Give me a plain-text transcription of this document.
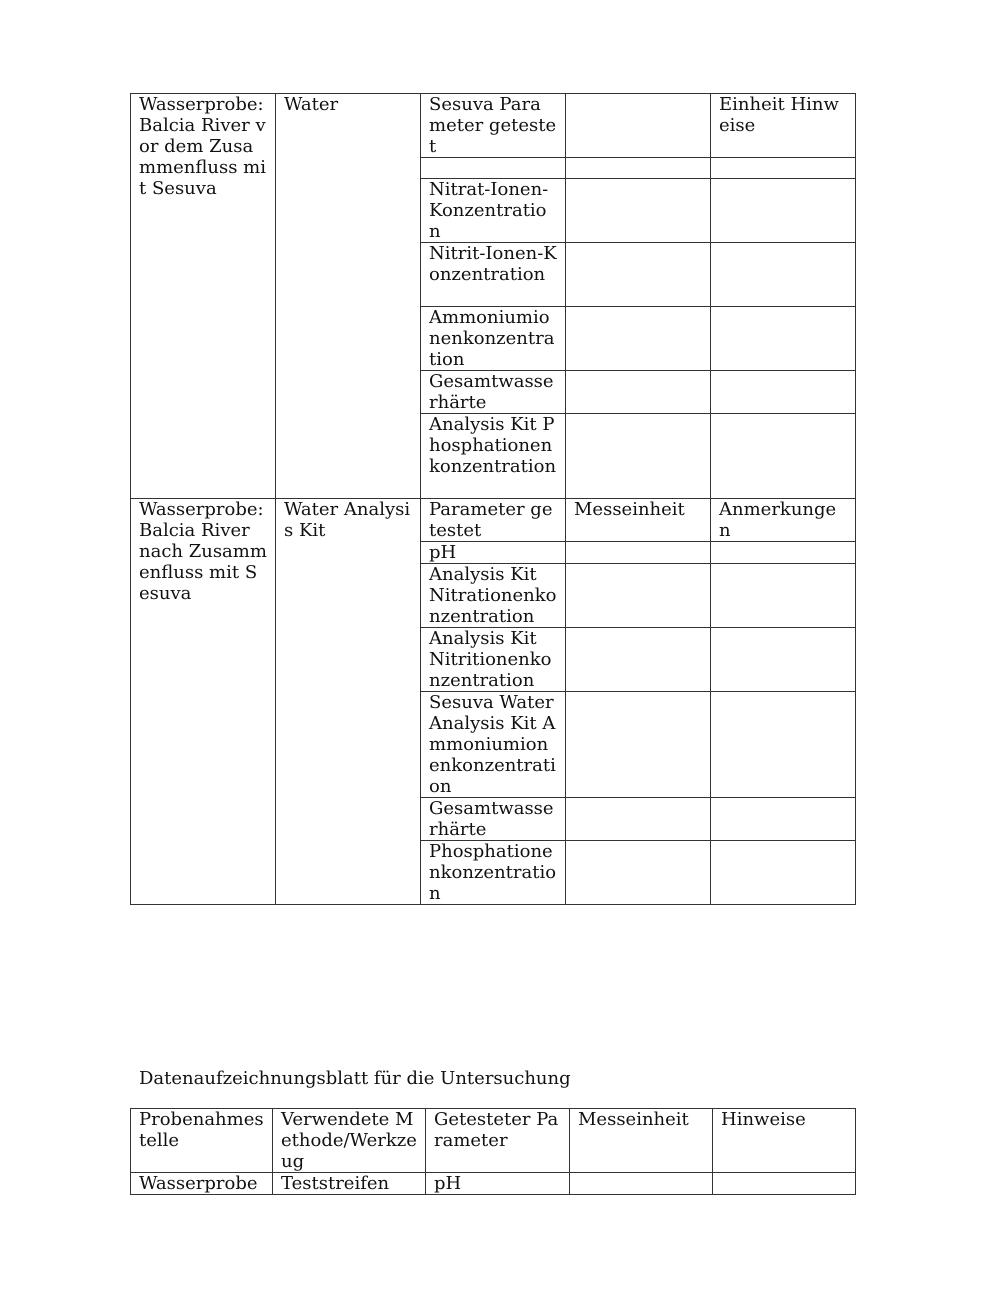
Wasserprobe: Balcia River vor dem Zusammenfluss mit Sesuva	Water	Sesuva Parameter getestet		Einheit Hinweise

		Nitrat-Ionen-Konzentration		
		Nitrit-Ionen-Konzentration		
		Ammoniumionenkonzentration		
		Gesamtwasserhärte		
		Analysis Kit Phosphationenkonzentration		
Wasserprobe: Balcia River nach Zusammenfluss mit Sesuva	Water Analysis Kit	Parameter getestet	Messeinheit	Anmerkungen
		pH		
		Analysis Kit Nitrationenkonzentration		
		Analysis Kit Nitritionenkonzentration		
		Sesuva Water Analysis Kit Ammoniumionenkonzentration		
		Gesamtwasserhärte		
		Phosphationenkonzentration		
Datenaufzeichnungsblatt für die Untersuchung
Probenahmestelle	Verwendete Methode/Werkzeug	Getesteter Parameter	Messeinheit	Hinweise
Wasserprobe	Teststreifen	pH		
